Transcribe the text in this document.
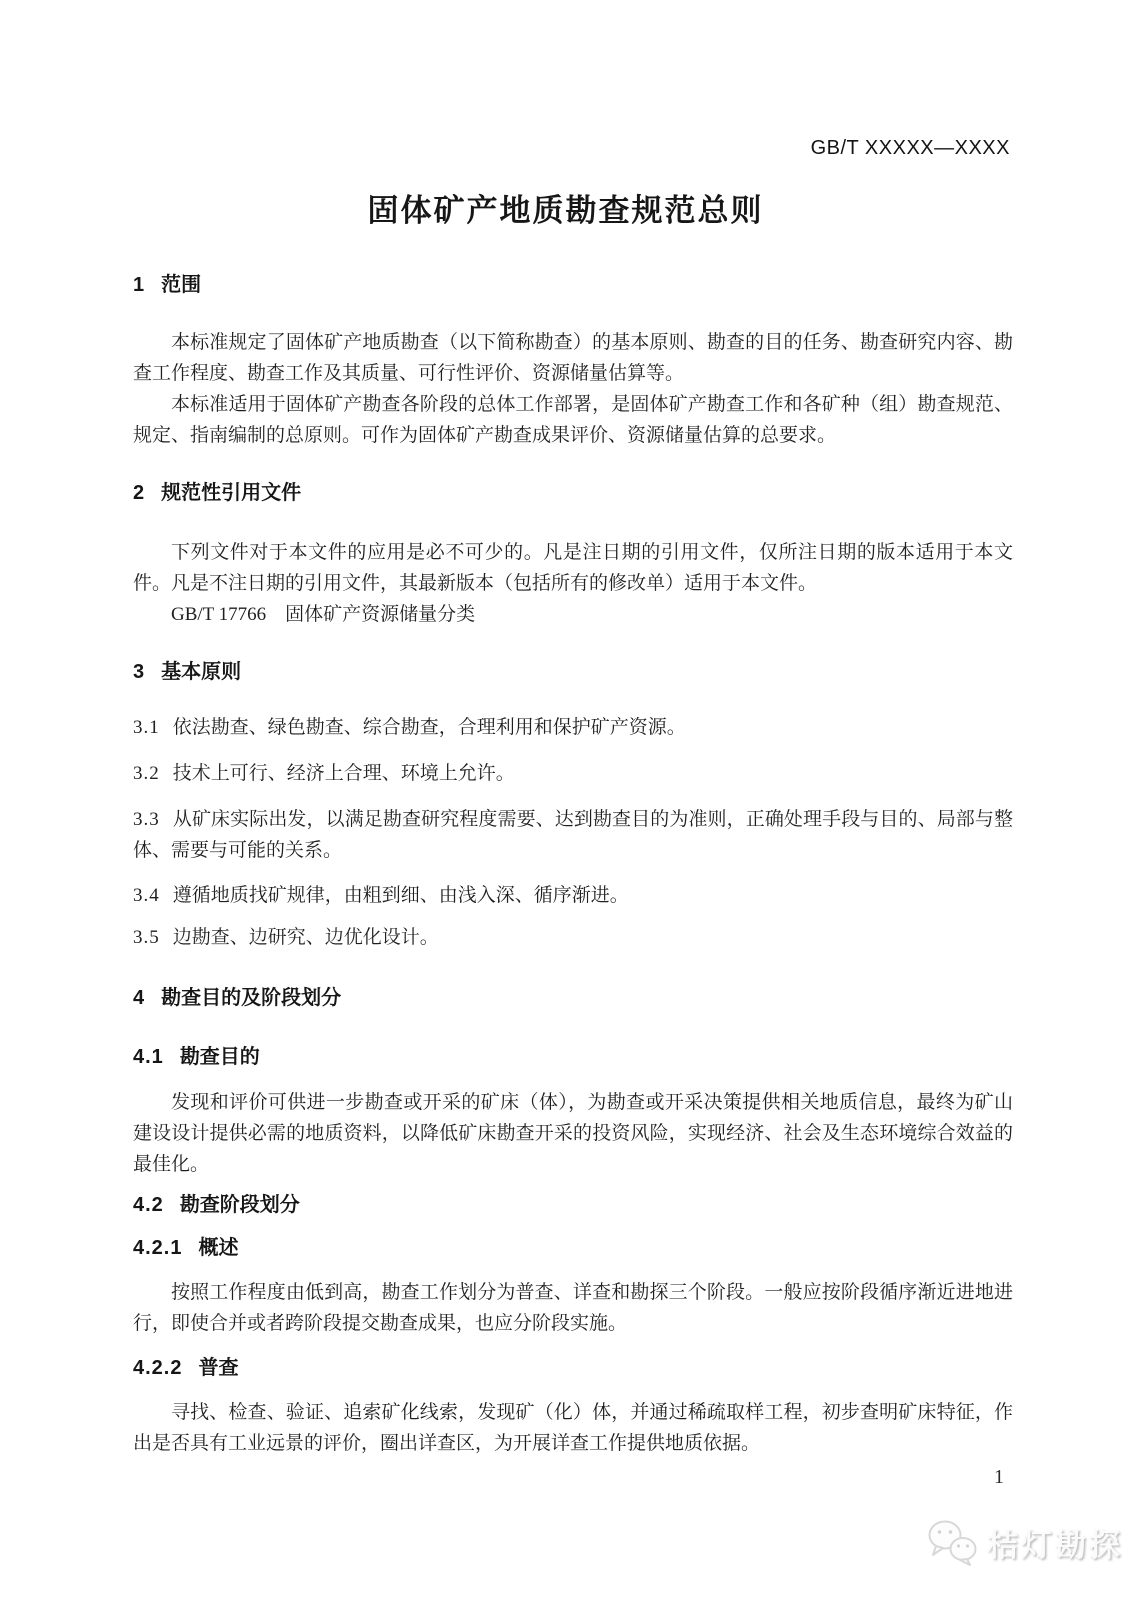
GB/T XXXXX—XXXX
固体矿产地质勘查规范总则
1 范围

本标准规定了固体矿产地质勘查（以下简称勘查）的基本原则、勘查的目的任务、勘查研究内容、勘查工作程度、勘查工作及其质量、可行性评价、资源储量估算等。

本标准适用于固体矿产勘查各阶段的总体工作部署，是固体矿产勘查工作和各矿种（组）勘查规范、规定、指南编制的总原则。可作为固体矿产勘查成果评价、资源储量估算的总要求。

2 规范性引用文件

下列文件对于本文件的应用是必不可少的。凡是注日期的引用文件，仅所注日期的版本适用于本文件。凡是不注日期的引用文件，其最新版本（包括所有的修改单）适用于本文件。

GB/T 17766　固体矿产资源储量分类

3 基本原则
3.1 依法勘查、绿色勘查、综合勘查，合理利用和保护矿产资源。
3.2 技术上可行、经济上合理、环境上允许。
3.3 从矿床实际出发，以满足勘查研究程度需要、达到勘查目的为准则，正确处理手段与目的、局部与整体、需要与可能的关系。
3.4 遵循地质找矿规律，由粗到细、由浅入深、循序渐进。
3.5 边勘查、边研究、边优化设计。
4 勘查目的及阶段划分
4.1 勘查目的

发现和评价可供进一步勘查或开采的矿床（体），为勘查或开采决策提供相关地质信息，最终为矿山建设设计提供必需的地质资料，以降低矿床勘查开采的投资风险，实现经济、社会及生态环境综合效益的最佳化。

4.2 勘查阶段划分
4.2.1 概述

按照工作程度由低到高，勘查工作划分为普查、详查和勘探三个阶段。一般应按阶段循序渐近进地进行，即使合并或者跨阶段提交勘查成果，也应分阶段实施。

4.2.2 普查

寻找、检查、验证、追索矿化线索，发现矿（化）体，并通过稀疏取样工程，初步查明矿床特征，作出是否具有工业远景的评价，圈出详查区，为开展详查工作提供地质依据。

1
桔灯勘探
